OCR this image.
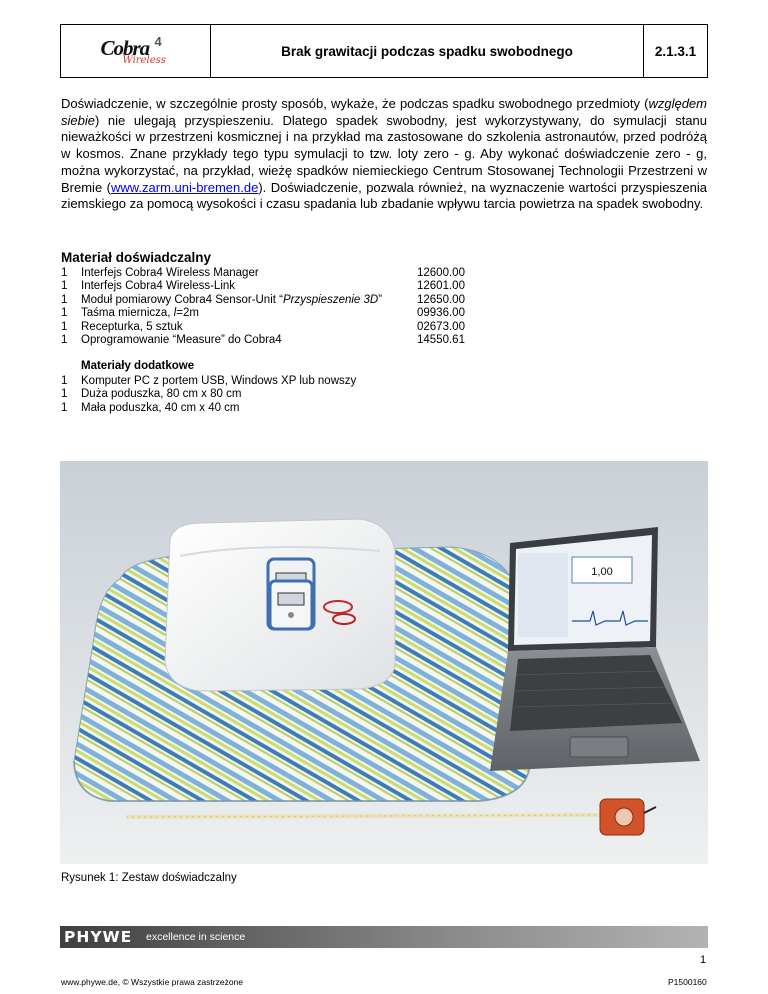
Cobra 4
Wireless
Brak grawitacji podczas spadku swobodnego	2.1.3.1

Doświadczenie, w szczególnie prosty sposób, wykaże, że podczas spadku swobodnego przedmioty (względem siebie) nie ulegają przyspieszeniu. Dlatego spadek swobodny, jest wykorzystywany, do symulacji stanu nieważkości w przestrzeni kosmicznej i na przykład ma zastosowane do szkolenia astronautów, przed podróżą w kosmos. Znane przykłady tego typu symulacji to tzw. loty zero - g. Aby wykonać doświadczenie zero - g, można wykorzystać, na przykład, wieżę spadków niemieckiego Centrum Stosowanej Technologii Przestrzeni w Bremie (www.zarm.uni-bremen.de). Doświadczenie, pozwala również, na wyznaczenie wartości przyspieszenia ziemskiego za pomocą wysokości i czasu spadania lub zbadanie wpływu tarcia powietrza na spadek swobodny.

Materiał doświadczalny
1	Interfejs Cobra4 Wireless Manager	12600.00
1	Interfejs Cobra4 Wireless-Link	12601.00
1	Moduł pomiarowy Cobra4 Sensor-Unit “Przyspieszenie 3D”	12650.00
1	Taśma miernicza, l=2m	09936.00
1	Recepturka, 5 sztuk	02673.00
1	Oprogramowanie “Measure” do Cobra4	14550.61
Materiały dodatkowe
1	Komputer PC z portem USB, Windows XP lub nowszy
1	Duża poduszka, 80 cm x 80 cm
1	Mała poduszka, 40 cm x 40 cm
1,00
Rysunek 1: Zestaw doświadczalny
PHYWE excellence in science
1
www.phywe.de, © Wszystkie prawa zastrzeżone	P1500160
